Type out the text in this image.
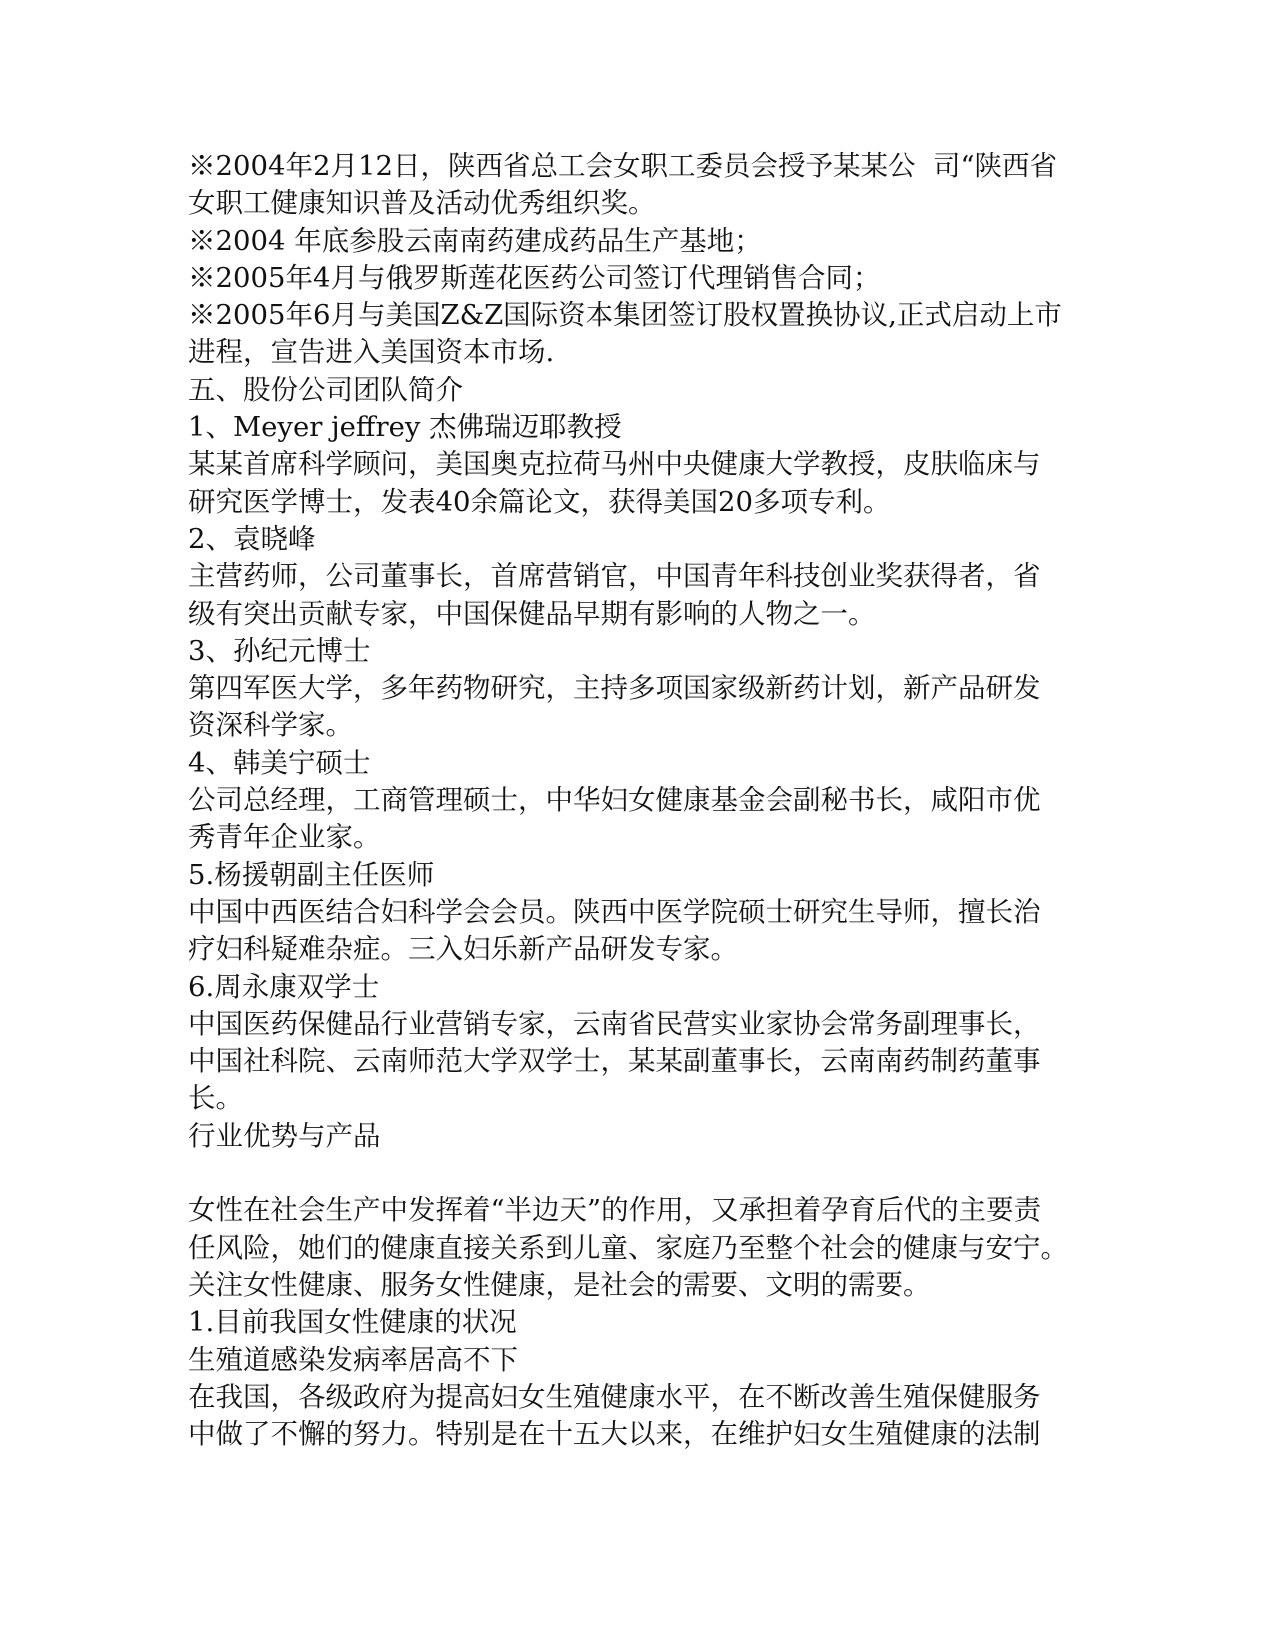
※2004年2月12日，陕西省总工会女职工委员会授予某某公  司“陕西省
女职工健康知识普及活动优秀组织奖。
※2004 年底参股云南南药建成药品生产基地；
※2005年4月与俄罗斯莲花医药公司签订代理销售合同；
※2005年6月与美国Z&Z国际资本集团签订股权置换协议,正式启动上市
进程，宣告进入美国资本市场.
五、股份公司团队简介
1、Meyer jeffrey 杰佛瑞迈耶教授
某某首席科学顾问，美国奥克拉荷马州中央健康大学教授，皮肤临床与
研究医学博士，发表40余篇论文，获得美国20多项专利。
2、袁晓峰
主营药师，公司董事长，首席营销官，中国青年科技创业奖获得者，省
级有突出贡献专家，中国保健品早期有影响的人物之一。
3、孙纪元博士
第四军医大学，多年药物研究，主持多项国家级新药计划，新产品研发
资深科学家。
4、韩美宁硕士
公司总经理，工商管理硕士，中华妇女健康基金会副秘书长，咸阳市优
秀青年企业家。
5.杨援朝副主任医师
中国中西医结合妇科学会会员。陕西中医学院硕士研究生导师，擅长治
疗妇科疑难杂症。三入妇乐新产品研发专家。
6.周永康双学士
中国医药保健品行业营销专家，云南省民营实业家协会常务副理事长，
中国社科院、云南师范大学双学士，某某副董事长，云南南药制药董事
长。
行业优势与产品
女性在社会生产中发挥着“半边天”的作用，又承担着孕育后代的主要责
任风险，她们的健康直接关系到儿童、家庭乃至整个社会的健康与安宁。
关注女性健康、服务女性健康，是社会的需要、文明的需要。
1.目前我国女性健康的状况
生殖道感染发病率居高不下
在我国，各级政府为提高妇女生殖健康水平，在不断改善生殖保健服务
中做了不懈的努力。特别是在十五大以来，在维护妇女生殖健康的法制
